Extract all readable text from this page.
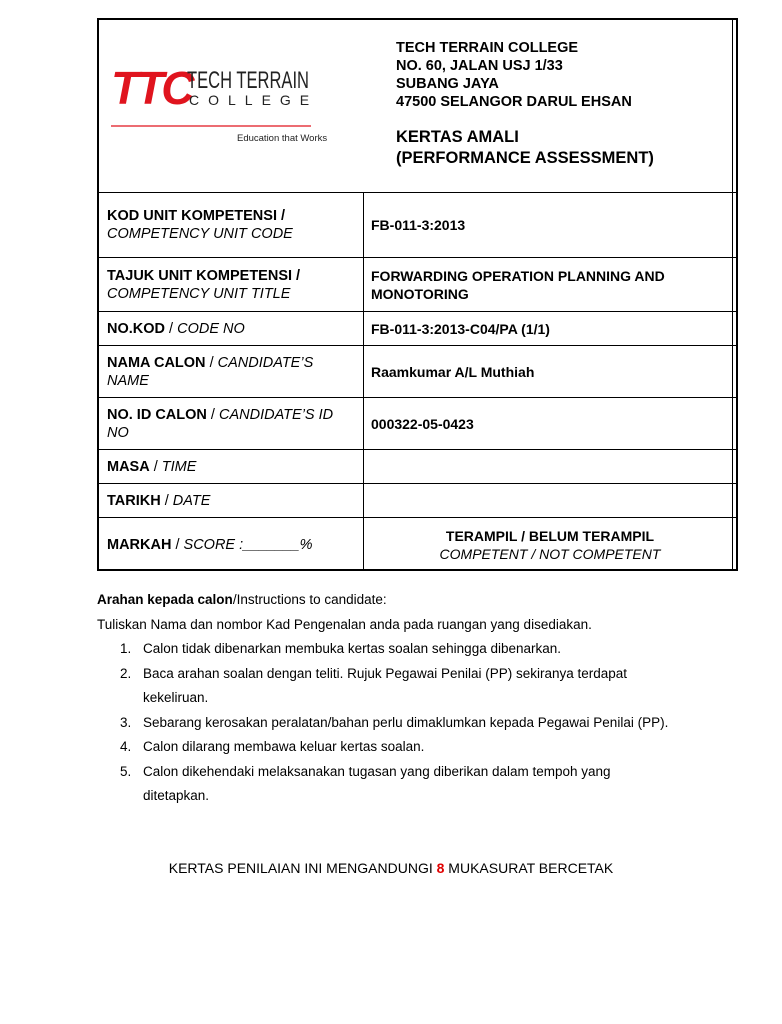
TTC
TECH TERRAIN
COLLEGE
Education that Works
TECH TERRAIN COLLEGE
NO. 60, JALAN USJ 1/33
SUBANG JAYA
47500 SELANGOR DARUL EHSAN
KERTAS AMALI
(PERFORMANCE ASSESSMENT)
KOD UNIT KOMPETENSI /
COMPETENCY UNIT CODE
FB-011-3:2013
TAJUK UNIT KOMPETENSI /
COMPETENCY UNIT TITLE
FORWARDING OPERATION PLANNING AND
MONOTORING
NO.KOD / CODE NO	FB-011-3:2013-C04/PA (1/1)
NAMA CALON / CANDIDATE’S
NAME
Raamkumar A/L Muthiah
NO. ID CALON / CANDIDATE’S ID
NO
000322-05-0423
MASA / TIME
TARIKH / DATE
MARKAH / SCORE :_______%
TERAMPIL / BELUM TERAMPIL
COMPETENT / NOT COMPETENT
Arahan kepada calon/Instructions to candidate:
Tuliskan Nama dan nombor Kad Pengenalan anda pada ruangan yang disediakan.
1. Calon tidak dibenarkan membuka kertas soalan sehingga dibenarkan.
2. Baca arahan soalan dengan teliti. Rujuk Pegawai Penilai (PP) sekiranya terdapat
kekeliruan.
3. Sebarang kerosakan peralatan/bahan perlu dimaklumkan kepada Pegawai Penilai (PP).
4. Calon dilarang membawa keluar kertas soalan.
5. Calon dikehendaki melaksanakan tugasan yang diberikan dalam tempoh yang
ditetapkan.
KERTAS PENILAIAN INI MENGANDUNGI 8 MUKASURAT BERCETAK
